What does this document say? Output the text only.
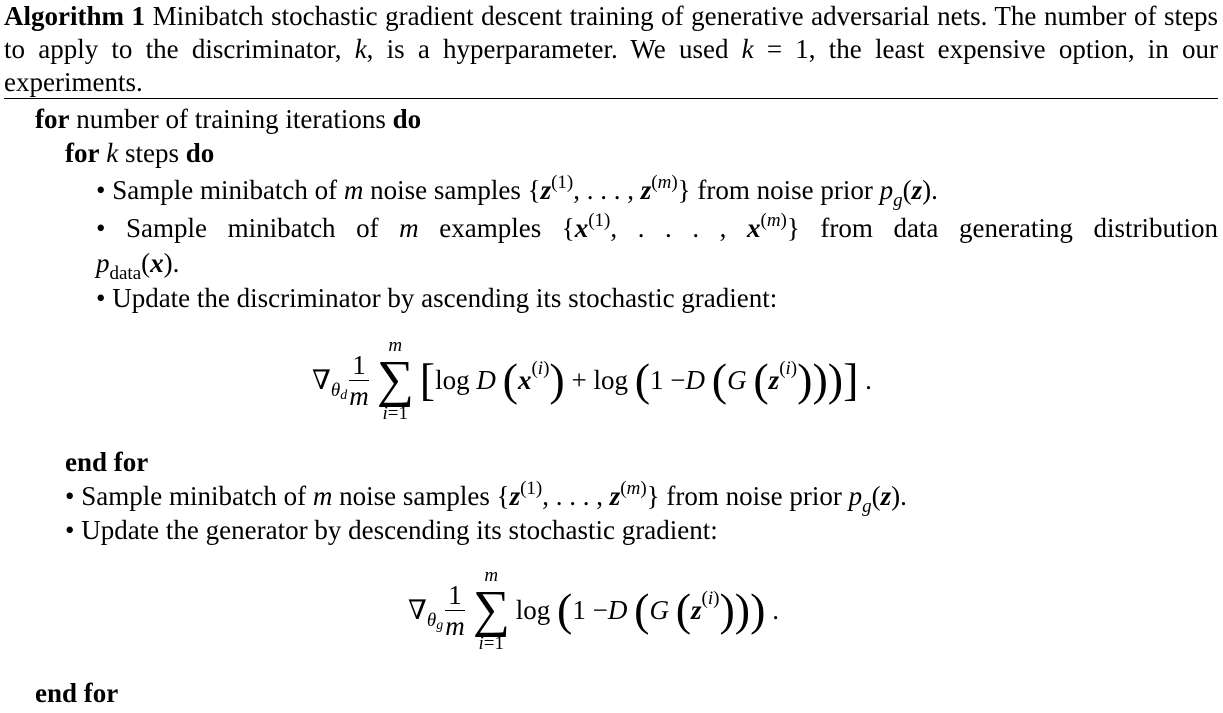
Algorithm 1 Minibatch stochastic gradient descent training of generative adversarial nets. The number of steps to apply to the discriminator, k, is a hyperparameter. We used k = 1, the least expensive option, in our experiments.
for number of training iterations do
for k steps do
• Sample minibatch of m noise samples {$z^{(1)}$, . . . , $z^{(m)}$} from noise prior $p_g(z)$.
• Sample minibatch of m examples {$x^{(1)}$, . . . , $x^{(m)}$} from data generating distribution
$p_{data}(x)$.
• Update the discriminator by ascending its stochastic gradient:
$\nabla_{\theta_d} \frac{1}{m}$
m
∑
i=1
[ log D
( $x^{(i)}$ ) + log ( 1 − D
( G
( $z^{(i)}$ )))] .
end for
• Sample minibatch of m noise samples {$z^{(1)}$, . . . , $z^{(m)}$} from noise prior $p_g(z)$.
• Update the generator by descending its stochastic gradient:
$\nabla_{\theta_g} \frac{1}{m}$
m
∑
i=1
log ( 1 − D
( G
( $z^{(i)}$ ))) .
end for
